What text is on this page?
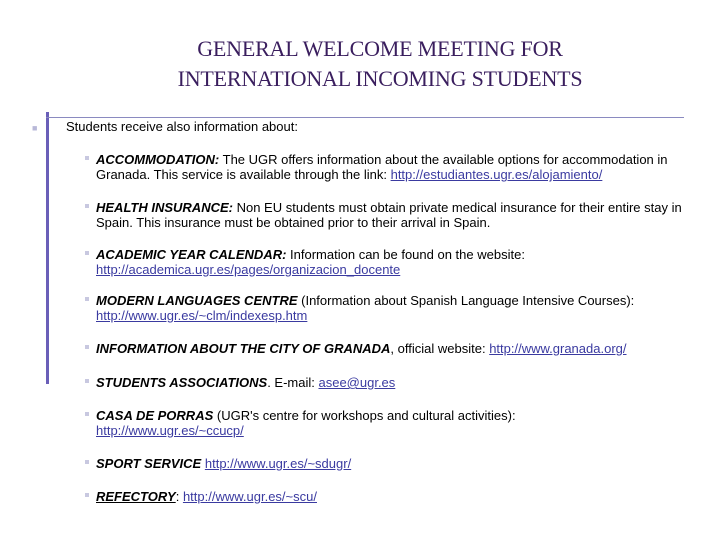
GENERAL WELCOME MEETING FOR
INTERNATIONAL INCOMING STUDENTS
■ Students receive also information about:
ACCOMMODATION: The UGR offers information about the available options for accommodation in Granada. This service is available through the link: http://estudiantes.ugr.es/alojamiento/
HEALTH INSURANCE: Non EU students must obtain private medical insurance for their entire stay in Spain. This insurance must be obtained prior to their arrival in Spain.
ACADEMIC YEAR CALENDAR: Information can be found on the website:
http://academica.ugr.es/pages/organizacion_docente
MODERN LANGUAGES CENTRE (Information about Spanish Language Intensive Courses):
http://www.ugr.es/~clm/indexesp.htm
INFORMATION ABOUT THE CITY OF GRANADA, official website: http://www.granada.org/
STUDENTS ASSOCIATIONS. E-mail: asee@ugr.es
CASA DE PORRAS (UGR's centre for workshops and cultural activities):
http://www.ugr.es/~ccucp/
SPORT SERVICE http://www.ugr.es/~sdugr/
REFECTORY: http://www.ugr.es/~scu/
